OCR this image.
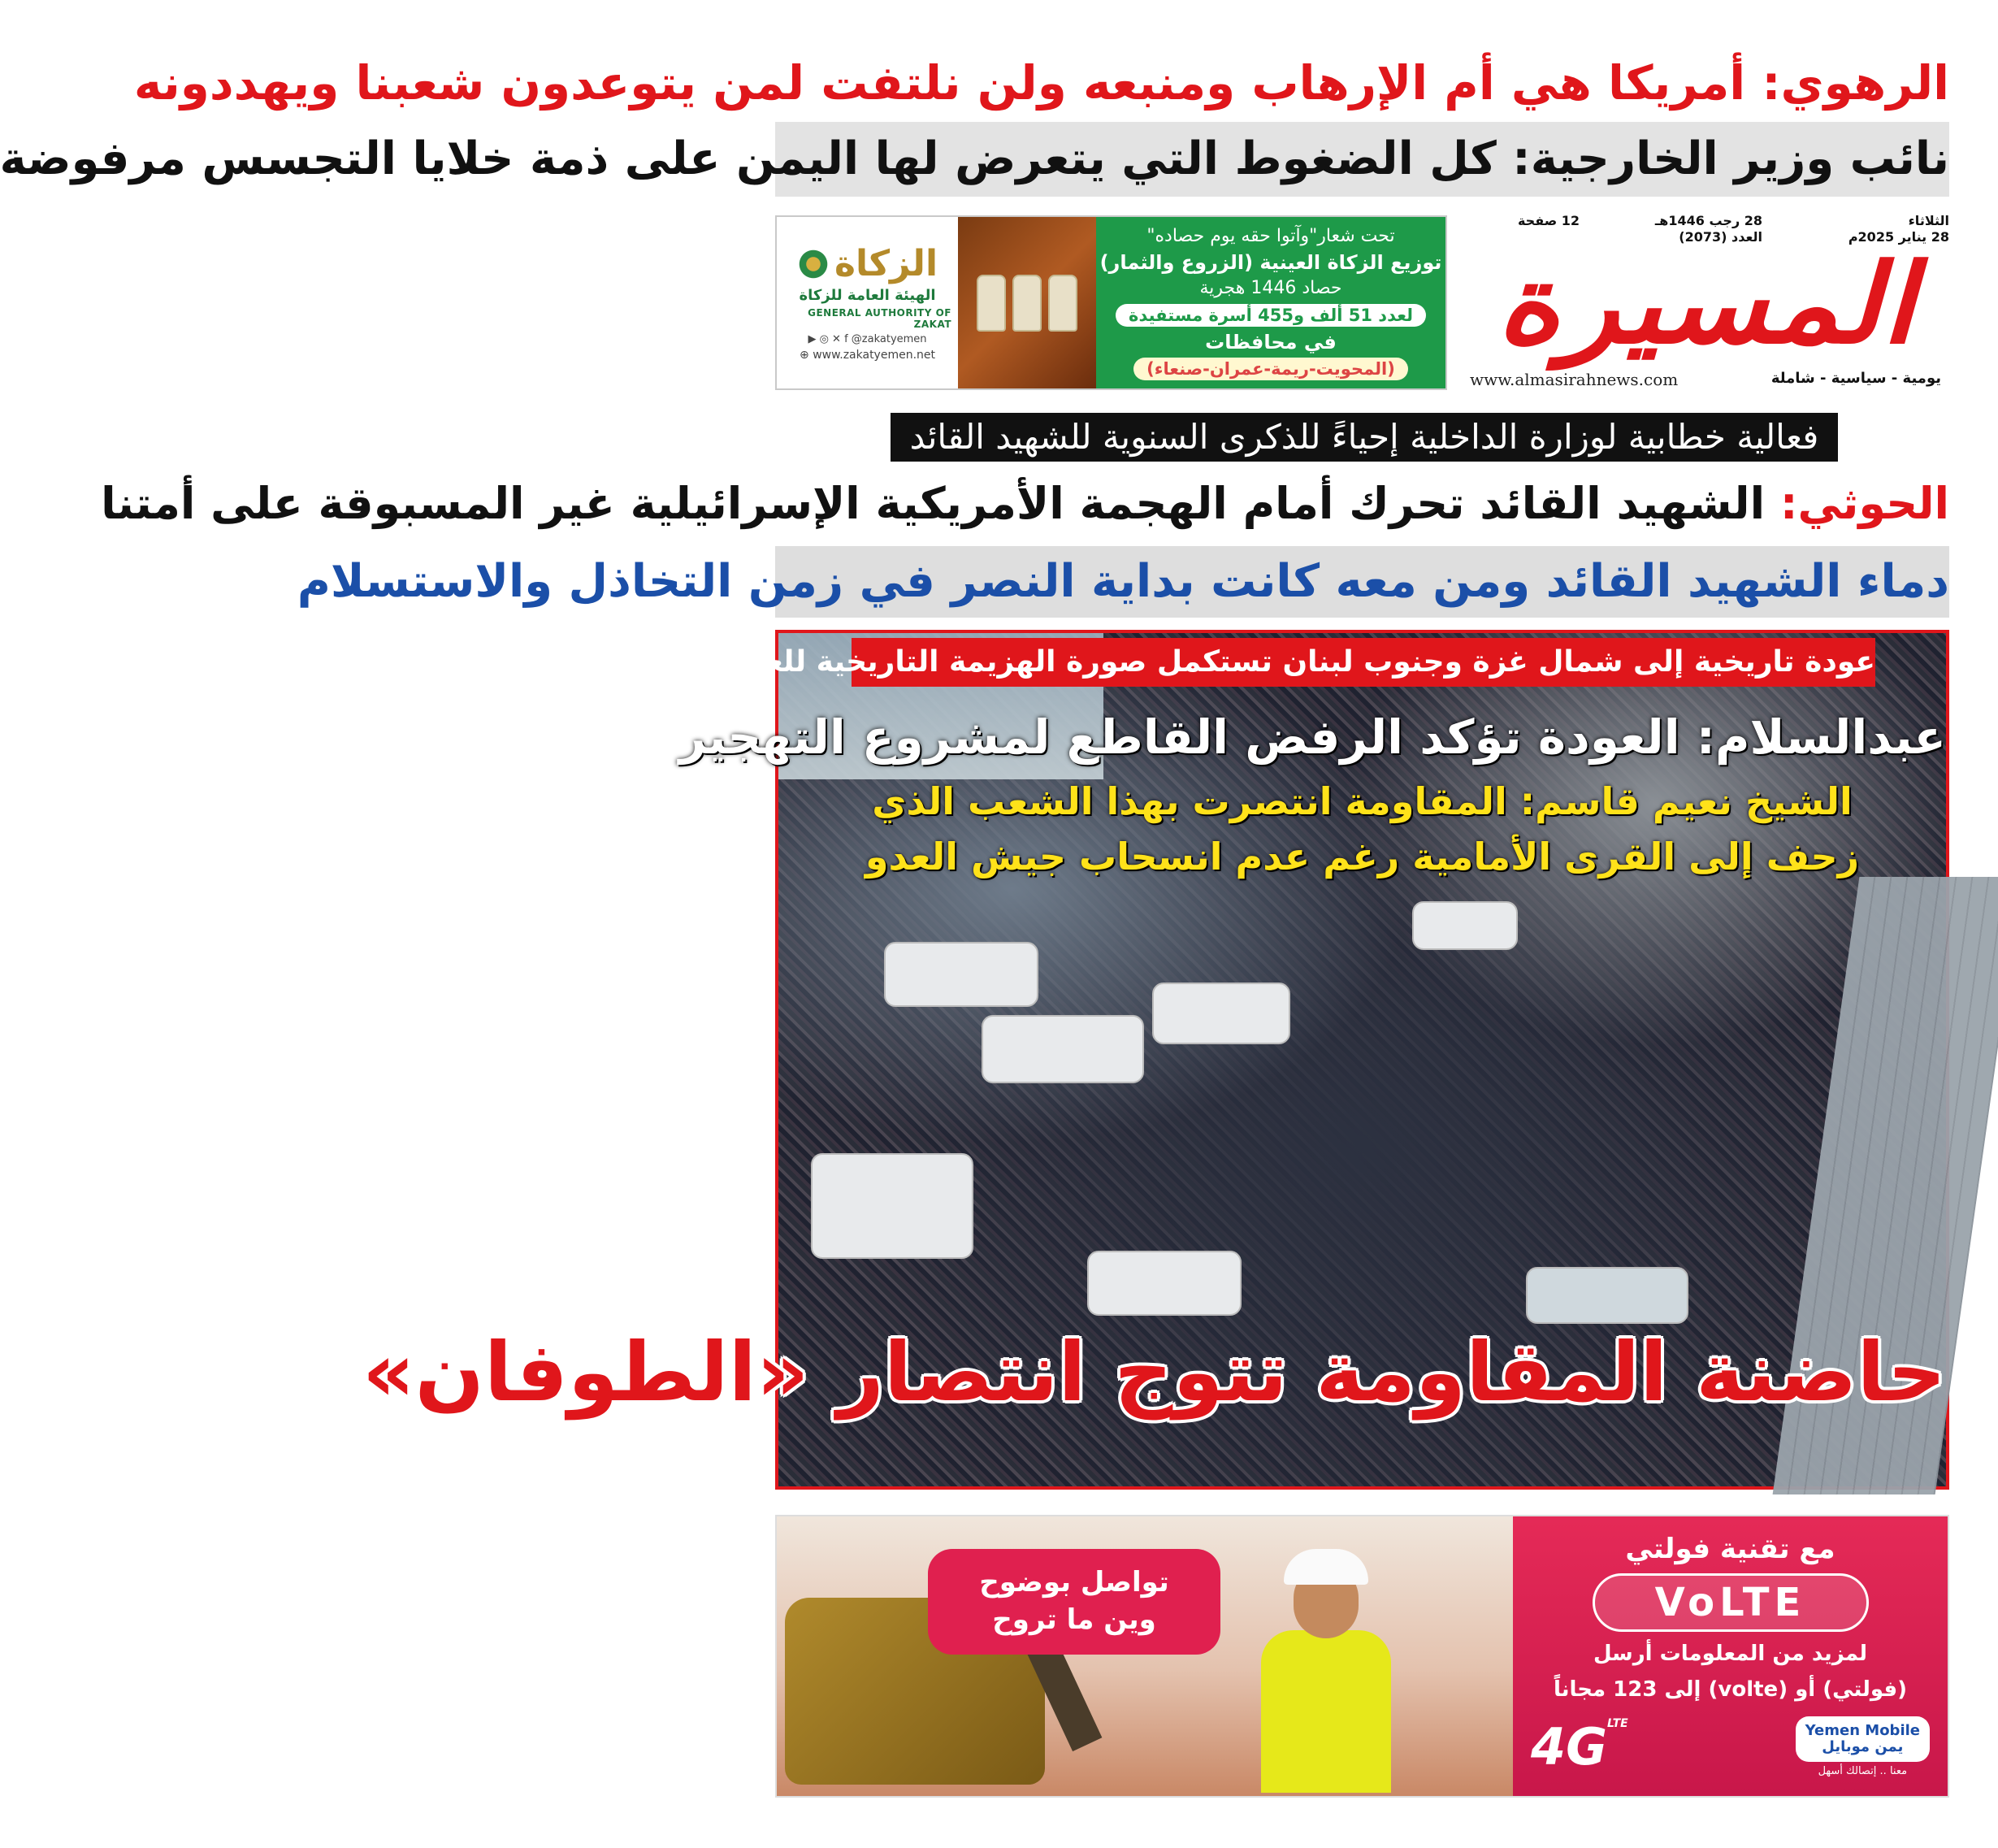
الرهوي: أمريكا هي أم الإرهاب ومنبعه ولن نلتفت لمن يتوعدون شعبنا ويهددونه
نائب وزير الخارجية: كل الضغوط التي يتعرض لها اليمن على ذمة خلايا التجسس مرفوضة
تحت شعار"وآتوا حقه يوم حصاده"
توزيع الزكاة العينية (الزروع والثمار)
حصاد 1446 هجرية
لعدد 51 ألف و455 أسرة مستفيدة
في محافظات
(المحويت-ريمة-عمران-صنعاء)
الزكاة
الهيئة العامة للزكاة
GENERAL AUTHORITY OF ZAKAT
▶ ◎ ✕ f @zakatyemen
⊕ www.zakatyemen.net
الثلاثاء
28 يناير 2025م
28 رجب 1446هـ
العدد (2073)
12 صفحة
المسيرة
www.almasirahnews.com	يومية - سياسية - شاملة
فعالية خطابية لوزارة الداخلية إحياءً للذكرى السنوية للشهيد القائد
الحوثي: الشهيد القائد تحرك أمام الهجمة الأمريكية الإسرائيلية غير المسبوقة على أمتنا
دماء الشهيد القائد ومن معه كانت بداية النصر في زمن التخاذل والاستسلام
عودة تاريخية إلى شمال غزة وجنوب لبنان تستكمل صورة الهزيمة التاريخية للعدو الإسرائيلي
عبدالسلام: العودة تؤكد الرفض القاطع لمشروع التهجير
الشيخ نعيم قاسم: المقاومة انتصرت بهذا الشعب الذي
زحف إلى القرى الأمامية رغم عدم انسحاب جيش العدو
حاضنة المقاومة تتوج انتصار «الطوفان»
مع تقنية فولتي
VoLTE
لمزيد من المعلومات أرسل
(فولتي) أو (volte) إلى 123 مجاناً
Yemen Mobile
يمن موبايل
معنا .. إتصالك أسهل
$4G^{LTE}$
تواصل بوضوح
وين ما تروح
